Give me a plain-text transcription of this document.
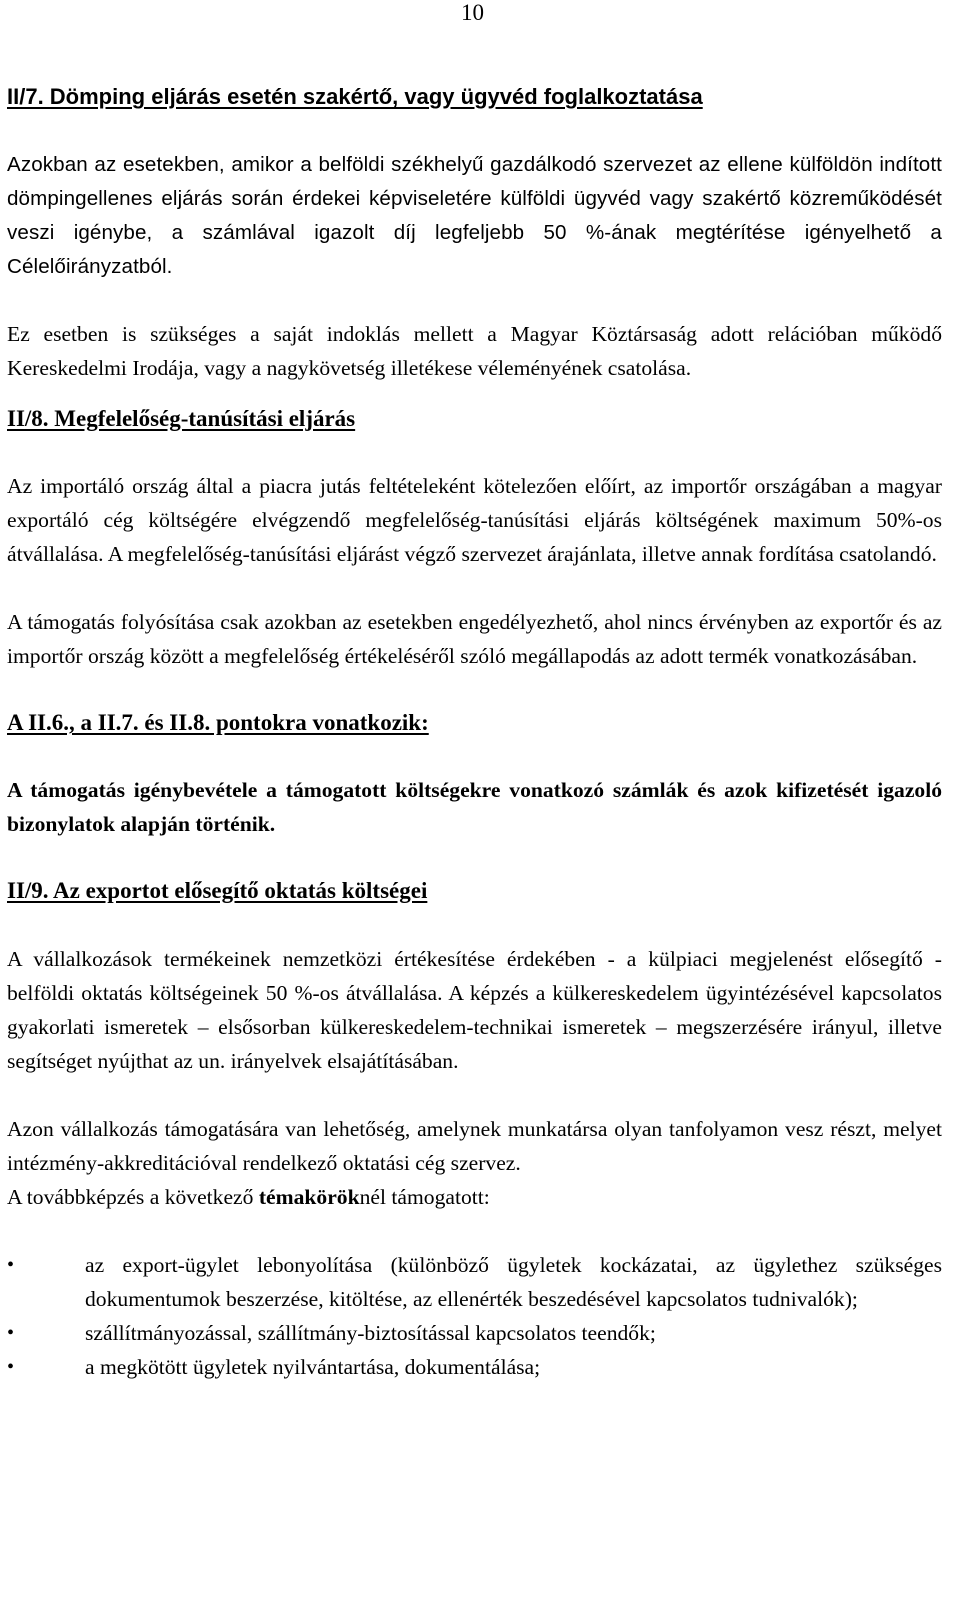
10
II/7. Dömping eljárás esetén szakértő, vagy ügyvéd foglalkoztatása

Azokban az esetekben, amikor a belföldi székhelyű gazdálkodó szervezet az ellene külföldön indított dömpingellenes eljárás során érdekei képviseletére külföldi ügyvéd vagy szakértő közreműködését veszi igénybe, a számlával igazolt díj legfeljebb 50 %-ának megtérítése igényelhető a Célelőirányzatból.

Ez esetben is szükséges a saját indoklás mellett a Magyar Köztársaság adott relációban működő Kereskedelmi Irodája, vagy a nagykövetség illetékese véleményének csatolása.

II/8. Megfelelőség-tanúsítási eljárás

Az importáló ország által a piacra jutás feltételeként kötelezően előírt, az importőr országában a magyar exportáló cég költségére elvégzendő megfelelőség-tanúsítási eljárás költségének maximum 50%-os átvállalása. A megfelelőség-tanúsítási eljárást végző szervezet árajánlata, illetve annak fordítása csatolandó.

A támogatás folyósítása csak azokban az esetekben engedélyezhető, ahol nincs érvényben az exportőr és az importőr ország között a megfelelőség értékeléséről szóló megállapodás az adott termék vonatkozásában.

A II.6., a II.7. és II.8. pontokra vonatkozik:

A támogatás igénybevétele a támogatott költségekre vonatkozó számlák és azok kifizetését igazoló bizonylatok alapján történik.

II/9. Az exportot elősegítő oktatás költségei

A vállalkozások termékeinek nemzetközi értékesítése érdekében - a külpiaci megjelenést elősegítő - belföldi oktatás költségeinek 50 %-os átvállalása. A képzés a külkereskedelem ügyintézésével kapcsolatos gyakorlati ismeretek – elsősorban külkereskedelem-technikai ismeretek – megszerzésére irányul, illetve segítséget nyújthat az un. irányelvek elsajátításában.

Azon vállalkozás támogatására van lehetőség, amelynek munkatársa olyan tanfolyamon vesz részt, melyet intézmény-akkreditációval rendelkező oktatási cég szervez.

A továbbképzés a következő témaköröknél támogatott:

•	az export-ügylet lebonyolítása (különböző ügyletek kockázatai, az ügylethez szükséges dokumentumok beszerzése, kitöltése, az ellenérték beszedésével kapcsolatos tudnivalók);
•	szállítmányozással, szállítmány-biztosítással kapcsolatos teendők;
•	a megkötött ügyletek nyilvántartása, dokumentálása;
